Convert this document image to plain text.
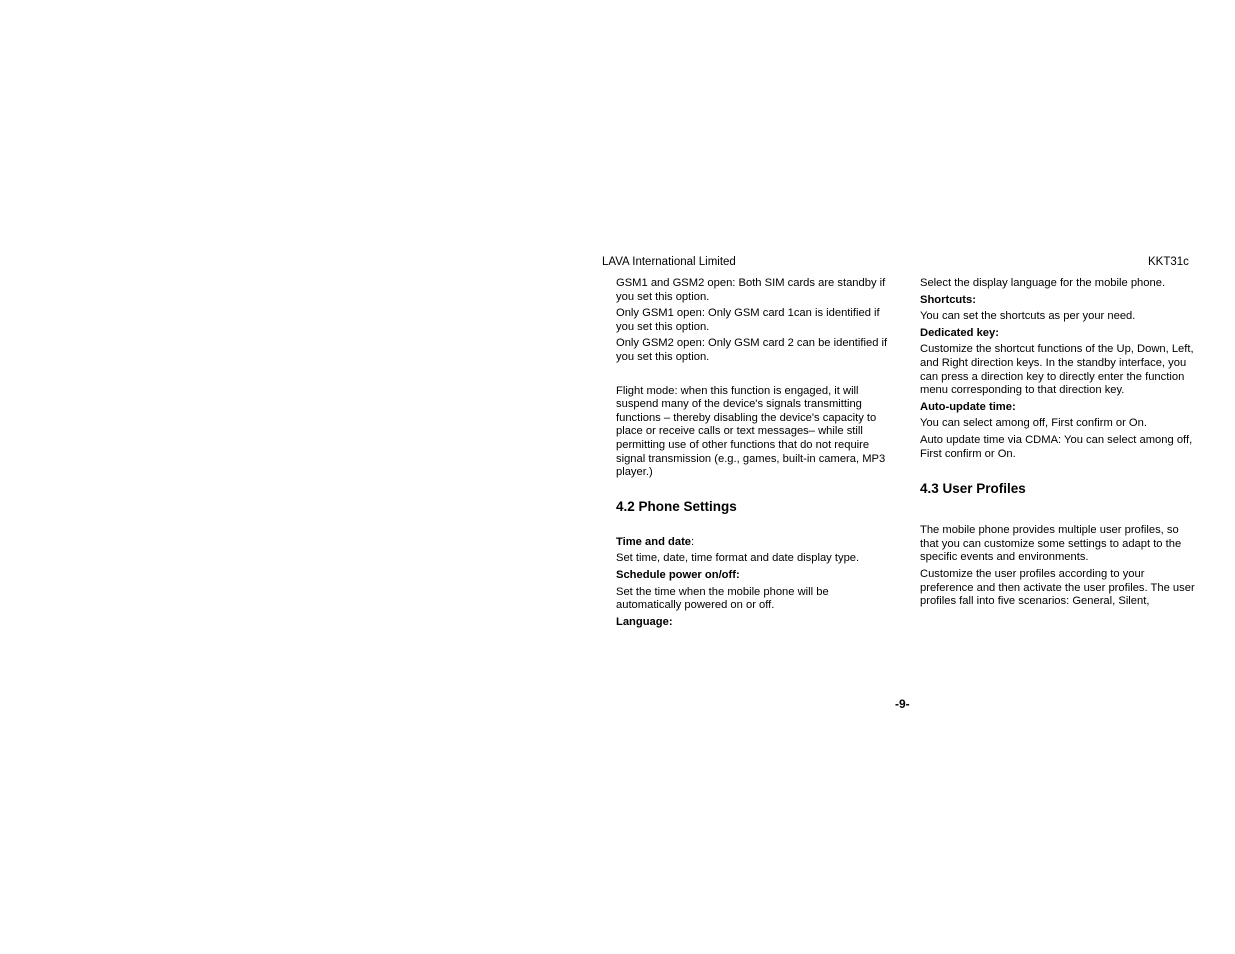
LAVA International Limited	KKT31c

GSM1 and GSM2 open: Both SIM cards are standby if you set this option.

Only GSM1 open: Only GSM card 1can is identified if you set this option.

Only GSM2 open: Only GSM card 2 can be identified if you set this option.

Flight mode: when this function is engaged, it will suspend many of the device's signals transmitting functions – thereby disabling the device's capacity to place or receive calls or text messages– while still permitting use of other functions that do not require signal transmission (e.g., games, built-in camera, MP3 player.)

4.2 Phone Settings

Time and date:

Set time, date, time format and date display type.

Schedule power on/off:

Set the time when the mobile phone will be automatically powered on or off.

Language:

Select the display language for the mobile phone.

Shortcuts:

You can set the shortcuts as per your need.

Dedicated key:

Customize the shortcut functions of the Up, Down, Left, and Right direction keys. In the standby interface, you can press a direction key to directly enter the function menu corresponding to that direction key.

Auto-update time:

You can select among off, First confirm or On.

Auto update time via CDMA: You can select among off, First confirm or On.

4.3 User Profiles

The mobile phone provides multiple user profiles, so that you can customize some settings to adapt to the specific events and environments.

Customize the user profiles according to your preference and then activate the user profiles. The user profiles fall into five scenarios: General, Silent,

-9-
